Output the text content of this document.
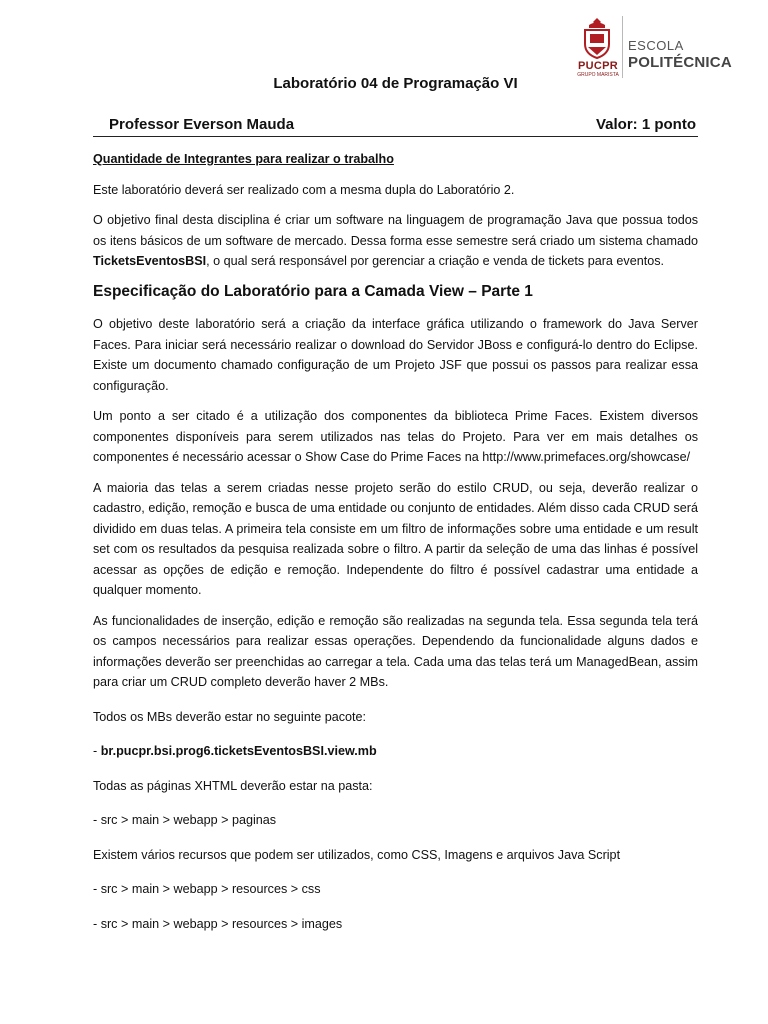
PUCPR
GRUPO MARISTA
ESCOLA
POLITÉCNICA
Laboratório 04 de Programação VI
Professor Everson Mauda	Valor: 1 ponto
Quantidade de Integrantes para realizar o trabalho

Este laboratório deverá ser realizado com a mesma dupla do Laboratório 2.

O objetivo final desta disciplina é criar um software na linguagem de programação Java que possua todos os itens básicos de um software de mercado. Dessa forma esse semestre será criado um sistema chamado TicketsEventosBSI, o qual será responsável por gerenciar a criação e venda de tickets para eventos.

Especificação do Laboratório para a Camada View – Parte 1

O objetivo deste laboratório será a criação da interface gráfica utilizando o framework do Java Server Faces. Para iniciar será necessário realizar o download do Servidor JBoss e configurá-lo dentro do Eclipse. Existe um documento chamado configuração de um Projeto JSF que possui os passos para realizar essa configuração.

Um ponto a ser citado é a utilização dos componentes da biblioteca Prime Faces. Existem diversos componentes disponíveis para serem utilizados nas telas do Projeto. Para ver em mais detalhes os componentes é necessário acessar o Show Case do Prime Faces na http://www.primefaces.org/showcase/

A maioria das telas a serem criadas nesse projeto serão do estilo CRUD, ou seja, deverão realizar o cadastro, edição, remoção e busca de uma entidade ou conjunto de entidades. Além disso cada CRUD será dividido em duas telas. A primeira tela consiste em um filtro de informações sobre uma entidade e um result set com os resultados da pesquisa realizada sobre o filtro. A partir da seleção de uma das linhas é possível acessar as opções de edição e remoção. Independente do filtro é possível cadastrar uma entidade a qualquer momento.

As funcionalidades de inserção, edição e remoção são realizadas na segunda tela. Essa segunda tela terá os campos necessários para realizar essas operações. Dependendo da funcionalidade alguns dados e informações deverão ser preenchidas ao carregar a tela. Cada uma das telas terá um ManagedBean, assim para criar um CRUD completo deverão haver 2 MBs.

Todos os MBs deverão estar no seguinte pacote:

- br.pucpr.bsi.prog6.ticketsEventosBSI.view.mb

Todas as páginas XHTML deverão estar na pasta:

- src > main > webapp > paginas

Existem vários recursos que podem ser utilizados, como CSS, Imagens e arquivos Java Script

- src > main > webapp > resources > css

- src > main > webapp > resources > images
